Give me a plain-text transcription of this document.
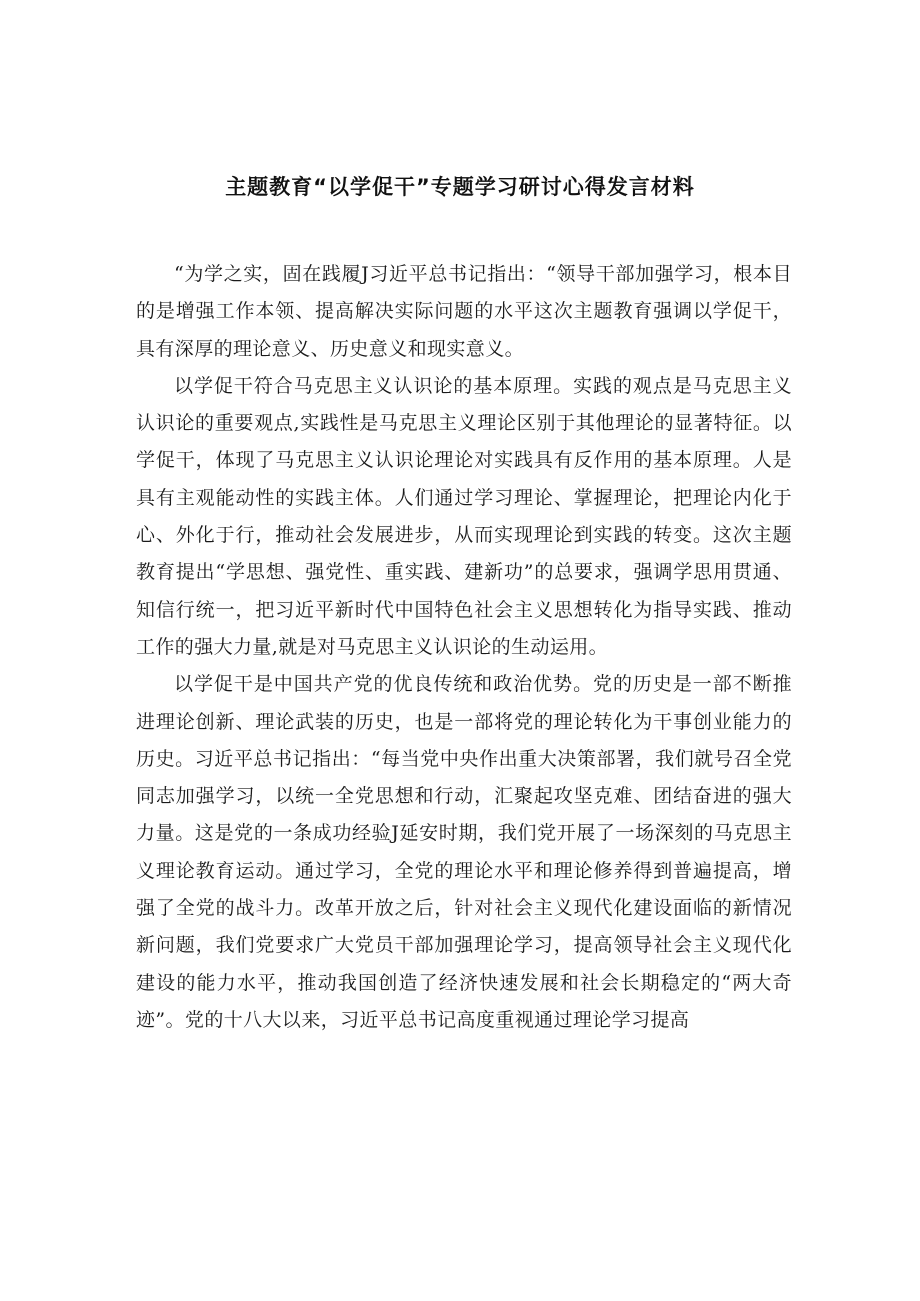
主题教育“以学促干”专题学习研讨心得发言材料

“为学之实，固在践履J习近平总书记指出：“领导干部加强学习，根本目的是增强工作本领、提高解决实际问题的水平这次主题教育强调以学促干，具有深厚的理论意义、历史意义和现实意义。

以学促干符合马克思主义认识论的基本原理。实践的观点是马克思主义认识论的重要观点,实践性是马克思主义理论区别于其他理论的显著特征。以学促干，体现了马克思主义认识论理论对实践具有反作用的基本原理。人是具有主观能动性的实践主体。人们通过学习理论、掌握理论，把理论内化于心、外化于行，推动社会发展进步，从而实现理论到实践的转变。这次主题教育提出“学思想、强党性、重实践、建新功”的总要求，强调学思用贯通、知信行统一，把习近平新时代中国特色社会主义思想转化为指导实践、推动工作的强大力量,就是对马克思主义认识论的生动运用。

以学促干是中国共产党的优良传统和政治优势。党的历史是一部不断推进理论创新、理论武装的历史，也是一部将党的理论转化为干事创业能力的历史。习近平总书记指出：“每当党中央作出重大决策部署，我们就号召全党同志加强学习，以统一全党思想和行动，汇聚起攻坚克难、团结奋进的强大力量。这是党的一条成功经验J延安时期，我们党开展了一场深刻的马克思主义理论教育运动。通过学习，全党的理论水平和理论修养得到普遍提高，增强了全党的战斗力。改革开放之后，针对社会主义现代化建设面临的新情况新问题，我们党要求广大党员干部加强理论学习，提高领导社会主义现代化建设的能力水平，推动我国创造了经济快速发展和社会长期稳定的“两大奇迹”。党的十八大以来，习近平总书记高度重视通过理论学习提高
